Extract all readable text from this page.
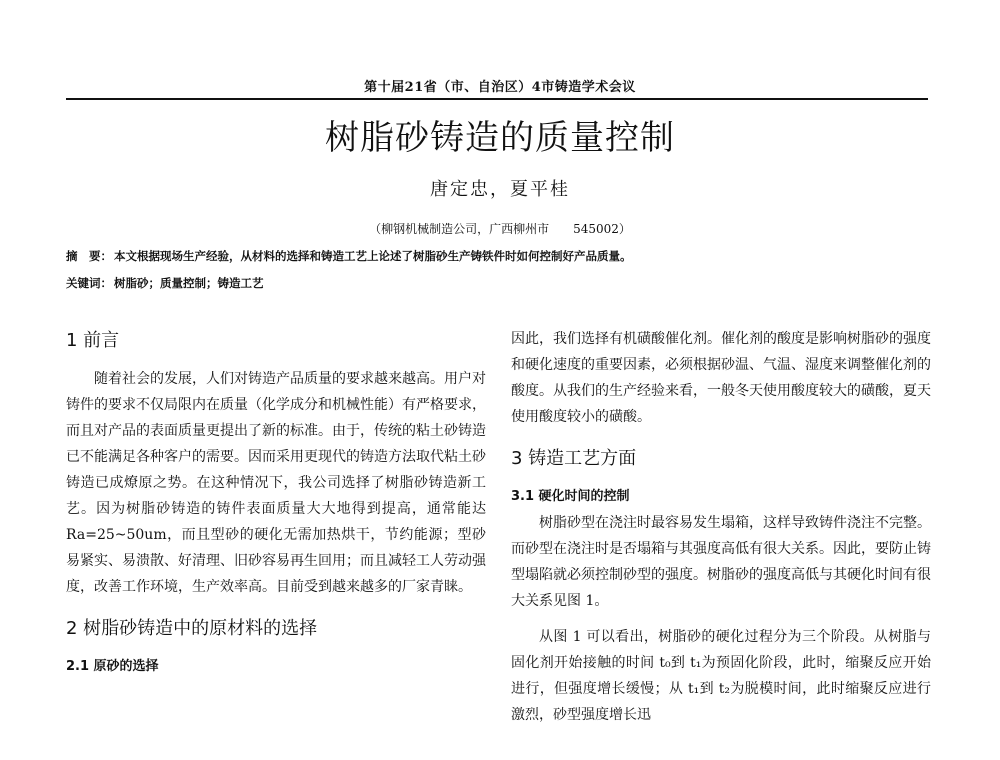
第十届21省（市、自治区）4市铸造学术会议
树脂砂铸造的质量控制
唐定忠，夏平桂
（柳钢机械制造公司，广西柳州市 545002）
摘　要： 本文根据现场生产经验，从材料的选择和铸造工艺上论述了树脂砂生产铸铁件时如何控制好产品质量。
关键词： 树脂砂；质量控制；铸造工艺
1 前言

随着社会的发展，人们对铸造产品质量的要求越来越高。用户对铸件的要求不仅局限内在质量（化学成分和机械性能）有严格要求，而且对产品的表面质量更提出了新的标准。由于，传统的粘土砂铸造已不能满足各种客户的需要。因而采用更现代的铸造方法取代粘土砂铸造已成燎原之势。在这种情况下，我公司选择了树脂砂铸造新工艺。因为树脂砂铸造的铸件表面质量大大地得到提高，通常能达 Ra=25~50um，而且型砂的硬化无需加热烘干，节约能源；型砂易紧实、易溃散、好清理、旧砂容易再生回用；而且减轻工人劳动强度，改善工作环境，生产效率高。目前受到越来越多的厂家青睐。

2 树脂砂铸造中的原材料的选择
2.1 原砂的选择

因此，我们选择有机磺酸催化剂。催化剂的酸度是影响树脂砂的强度和硬化速度的重要因素，必须根据砂温、气温、湿度来调整催化剂的酸度。从我们的生产经验来看，一般冬天使用酸度较大的磺酸，夏天使用酸度较小的磺酸。

3 铸造工艺方面
3.1 硬化时间的控制

树脂砂型在浇注时最容易发生塌箱，这样导致铸件浇注不完整。而砂型在浇注时是否塌箱与其强度高低有很大关系。因此，要防止铸型塌陷就必须控制砂型的强度。树脂砂的强度高低与其硬化时间有很大关系见图 1。

从图 1 可以看出，树脂砂的硬化过程分为三个阶段。从树脂与固化剂开始接触的时间 t₀到 t₁为预固化阶段，此时，缩聚反应开始进行，但强度增长缓慢；从 t₁到 t₂为脱模时间，此时缩聚反应进行激烈，砂型强度增长迅
